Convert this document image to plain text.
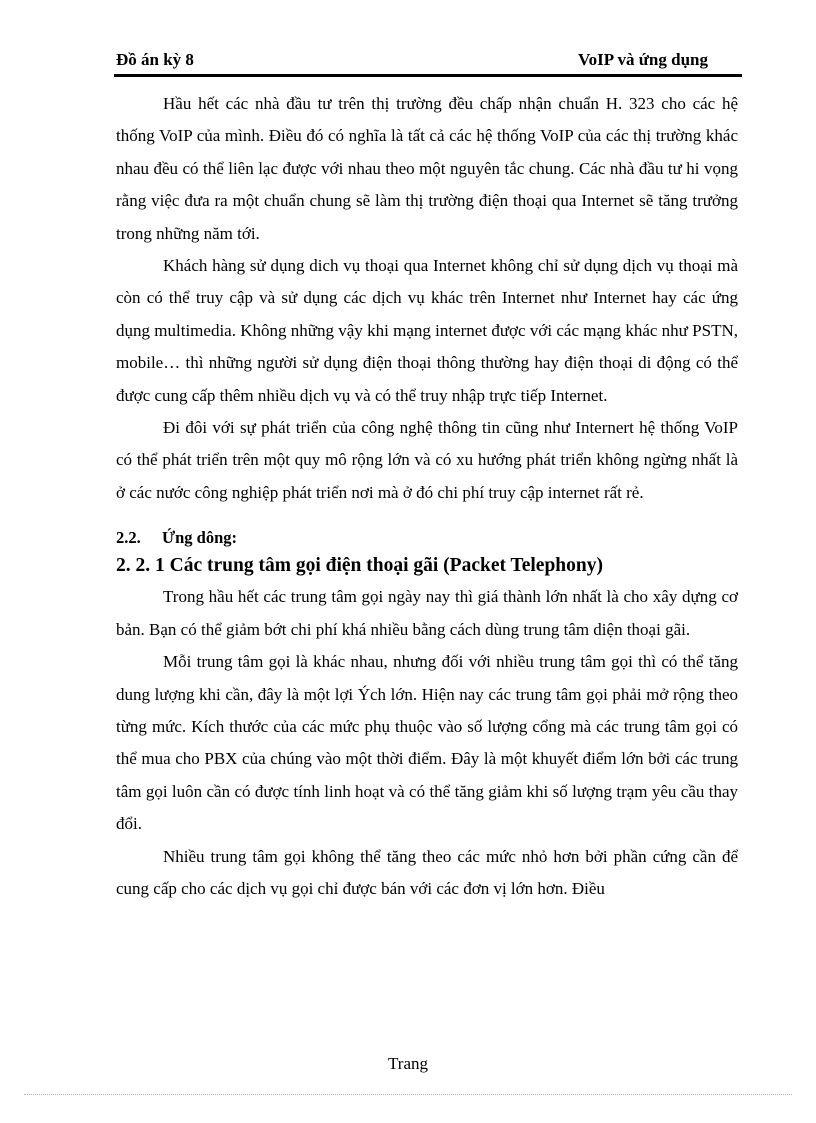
Đồ án kỳ 8	VoIP và ứng dụng

Hầu hết các nhà đầu tư trên thị trường đều chấp nhận chuẩn H. 323 cho các hệ thống VoIP của mình. Điều đó có nghĩa là tất cả các hệ thống VoIP của các thị trường khác nhau đều có thể liên lạc được với nhau theo một nguyên tắc chung. Các nhà đầu tư hi vọng rằng việc đưa ra một chuẩn chung sẽ làm thị trường điện thoại qua Internet sẽ tăng trưởng trong những năm tới.

Khách hàng sử dụng dich vụ thoại qua Internet không chỉ sử dụng dịch vụ thoại mà còn có thể truy cập và sử dụng các dịch vụ khác trên Internet như Internet hay các ứng dụng multimedia. Không những vậy khi mạng internet được với các mạng khác như PSTN, mobile… thì những người sử dụng điện thoại thông thường hay điện thoại di động có thể được cung cấp thêm nhiều dịch vụ và có thể truy nhập trực tiếp Internet.

Đi đôi với sự phát triển của công nghệ thông tin cũng như Internert hệ thống VoIP có thể phát triển trên một quy mô rộng lớn và có xu hướng phát triển không ngừng nhất là ở các nước công nghiệp phát triển nơi mà ở đó chi phí truy cập internet rất rẻ.

2.2. Ứng dông:
2. 2. 1 Các trung tâm gọi điện thoại gãi (Packet Telephony)

Trong hầu hết các trung tâm gọi ngày nay thì giá thành lớn nhất là cho xây dựng cơ bản. Bạn có thể giảm bớt chi phí khá nhiều bằng cách dùng trung tâm diện thoại gãi.

Mỗi trung tâm gọi là khác nhau, nhưng đối với nhiều trung tâm gọi thì có thể tăng dung lượng khi cần, đây là một lợi Ých lớn. Hiện nay các trung tâm gọi phải mở rộng theo từng mức. Kích thước của các mức phụ thuộc vào số lượng cổng mà các trung tâm gọi có thể mua cho PBX của chúng vào một thời điểm. Đây là một khuyết điểm lớn bởi các trung tâm gọi luôn cần có được tính linh hoạt và có thể tăng giảm khi số lượng trạm yêu cầu thay đổi.

Nhiều trung tâm gọi không thể tăng theo các mức nhỏ hơn bởi phần cứng cần để cung cấp cho các dịch vụ gọi chỉ được bán với các đơn vị lớn hơn. Điều

Trang
